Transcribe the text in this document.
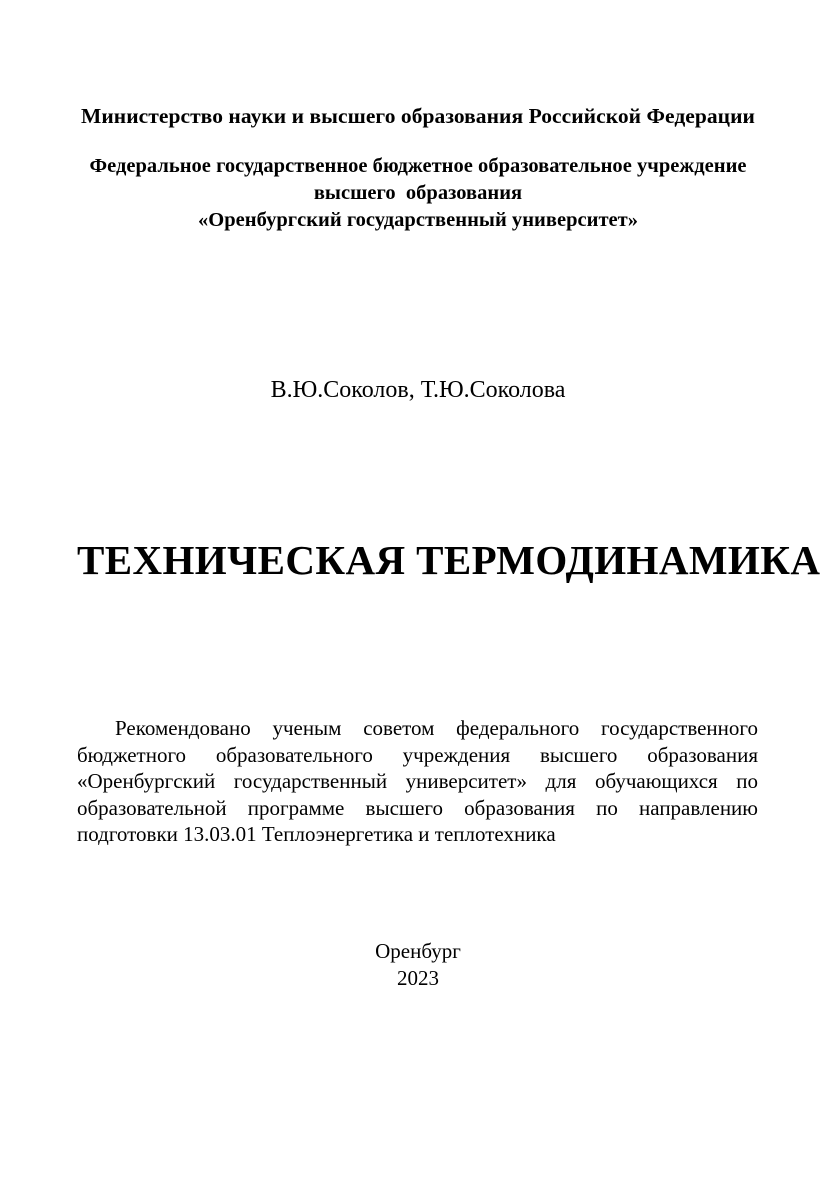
Министерство науки и высшего образования Российской Федерации
Федеральное государственное бюджетное образовательное учреждение
высшего  образования
«Оренбургский государственный университет»
В.Ю.Соколов, Т.Ю.Соколова
ТЕХНИЧЕСКАЯ ТЕРМОДИНАМИКА

Рекомендовано ученым советом федерального государственного бюджетного образовательного учреждения высшего образования «Оренбургский государственный университет» для обучающихся по образовательной программе высшего образования по направлению подготовки 13.03.01 Теплоэнергетика и теплотехника

Оренбург
2023
